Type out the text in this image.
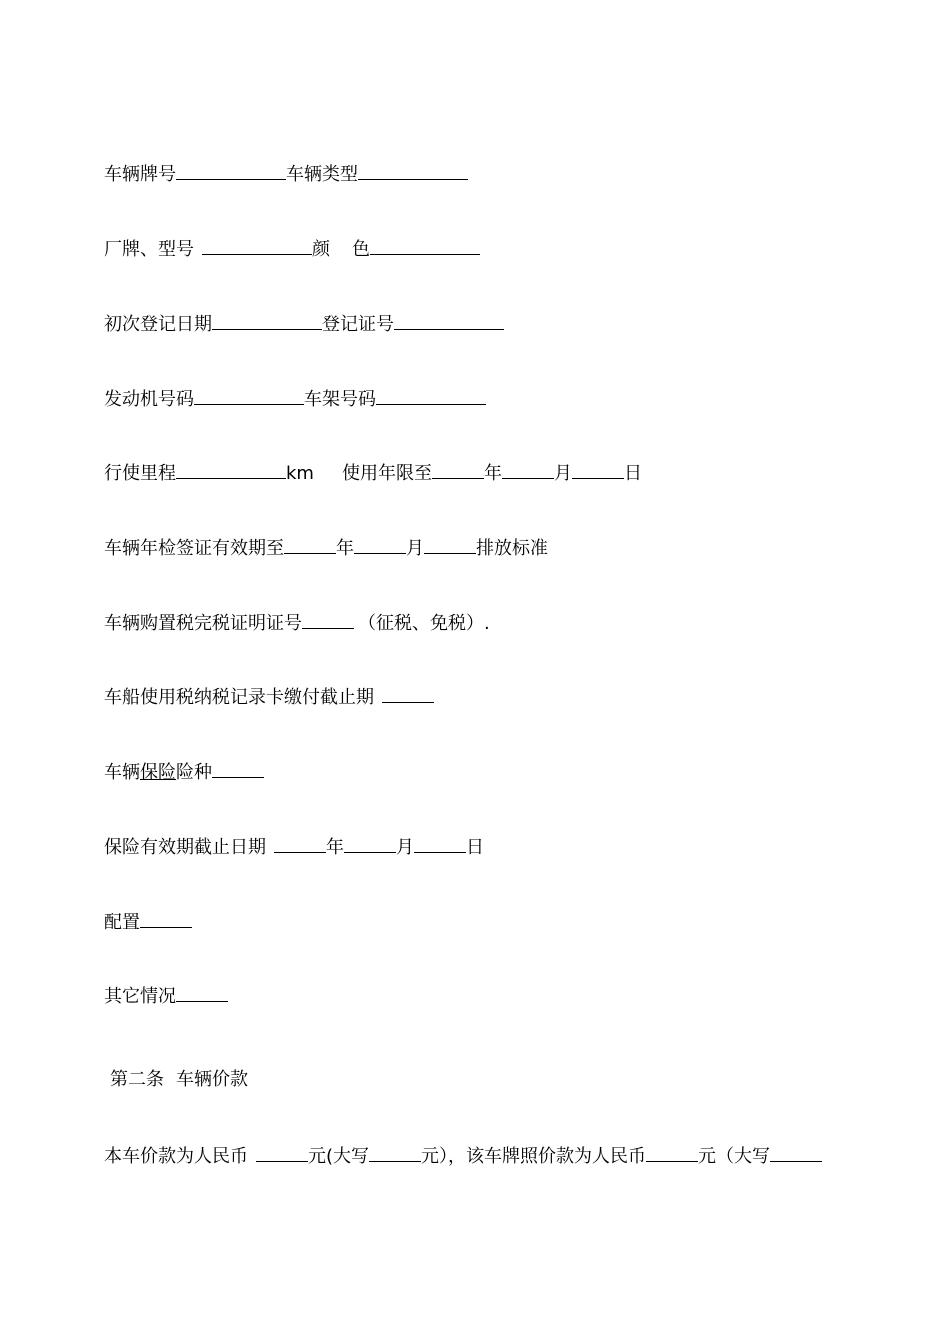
车辆牌号	车辆类型
厂牌、型号	颜 色
初次登记日期	登记证号
发动机号码	车架号码
行使里程	km 使用年限至	年	月	日
车辆年检签证有效期至	年	月	排放标准
车辆购置税完税证明证号	（征税、免税）.
车船使用税纳税记录卡缴付截止期
车辆保险险种
保险有效期截止日期	年	月	日
配置
其它情况
第二条 车辆价款
本车价款为人民币	元(大写	元），该车牌照价款为人民币	元（大写
